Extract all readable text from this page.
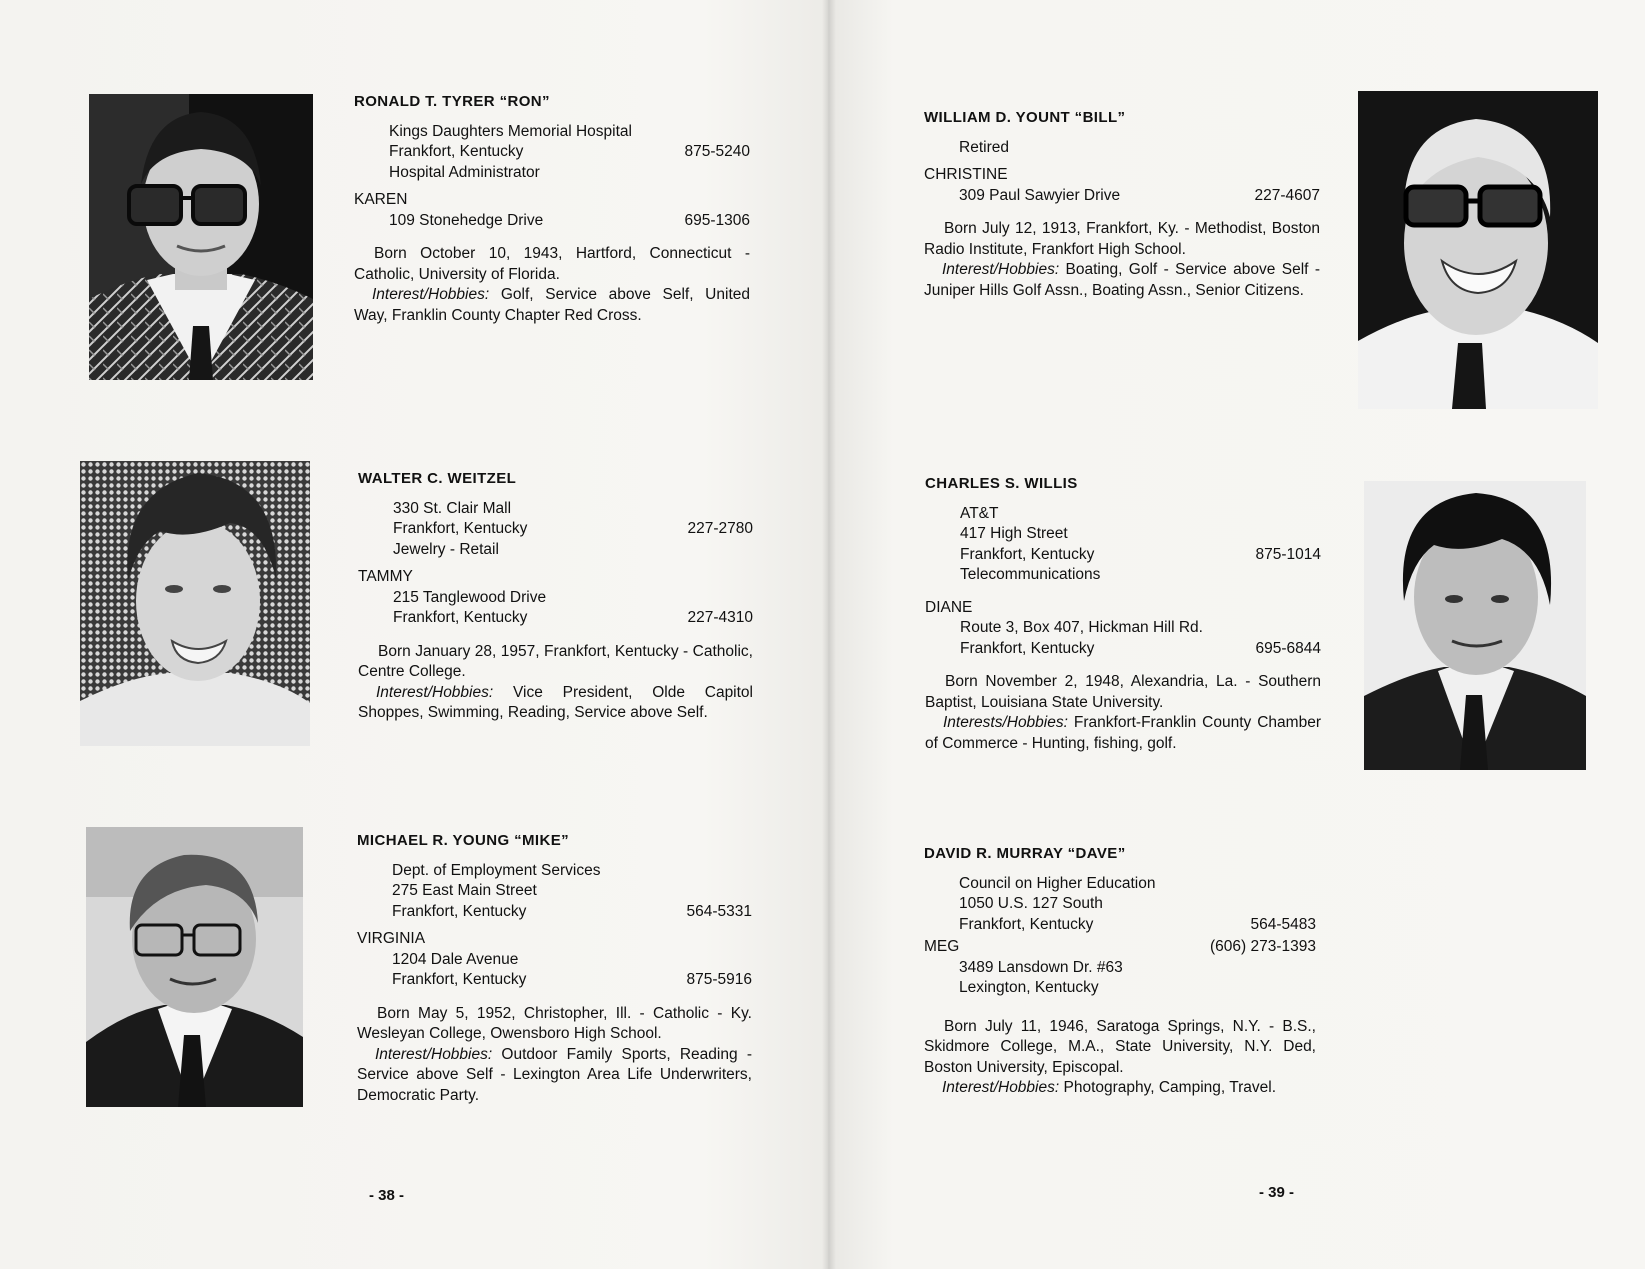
RONALD T. TYRER “RON”
Kings Daughters Memorial Hospital
Frankfort, Kentucky	875-5240
Hospital Administrator
KAREN
109 Stonehedge Drive	695-1306
Born October 10, 1943, Hartford, Connecticut - Catholic, University of Florida.
Interest/Hobbies: Golf, Service above Self, United Way, Franklin County Chapter Red Cross.
WALTER C. WEITZEL
330 St. Clair Mall
Frankfort, Kentucky	227-2780
Jewelry - Retail
TAMMY
215 Tanglewood Drive
Frankfort, Kentucky	227-4310
Born January 28, 1957, Frankfort, Kentucky - Catholic, Centre College.
Interest/Hobbies: Vice President, Olde Capitol Shoppes, Swimming, Reading, Service above Self.
MICHAEL R. YOUNG “MIKE”
Dept. of Employment Services
275 East Main Street
Frankfort, Kentucky	564-5331
VIRGINIA
1204 Dale Avenue
Frankfort, Kentucky	875-5916
Born May 5, 1952, Christopher, Ill. - Catholic - Ky. Wesleyan College, Owensboro High School.
Interest/Hobbies: Outdoor Family Sports, Reading - Service above Self - Lexington Area Life Underwriters, Democratic Party.
- 38 -
WILLIAM D. YOUNT “BILL”
Retired
CHRISTINE
309 Paul Sawyier Drive	227-4607
Born July 12, 1913, Frankfort, Ky. - Methodist, Boston Radio Institute, Frankfort High School.
Interest/Hobbies: Boating, Golf - Service above Self - Juniper Hills Golf Assn., Boating Assn., Senior Citizens.
CHARLES S. WILLIS
AT&T
417 High Street
Frankfort, Kentucky	875-1014
Telecommunications
DIANE
Route 3, Box 407, Hickman Hill Rd.
Frankfort, Kentucky	695-6844
Born November 2, 1948, Alexandria, La. - Southern Baptist, Louisiana State University.
Interests/Hobbies: Frankfort-Franklin County Chamber of Commerce - Hunting, fishing, golf.
DAVID R. MURRAY “DAVE”
Council on Higher Education
1050 U.S. 127 South
Frankfort, Kentucky	564-5483
MEG	(606) 273-1393
3489 Lansdown Dr. #63
Lexington, Kentucky
Born July 11, 1946, Saratoga Springs, N.Y. - B.S., Skidmore College, M.A., State University, N.Y. Ded, Boston University, Episcopal.
Interest/Hobbies: Photography, Camping, Travel.
- 39 -
